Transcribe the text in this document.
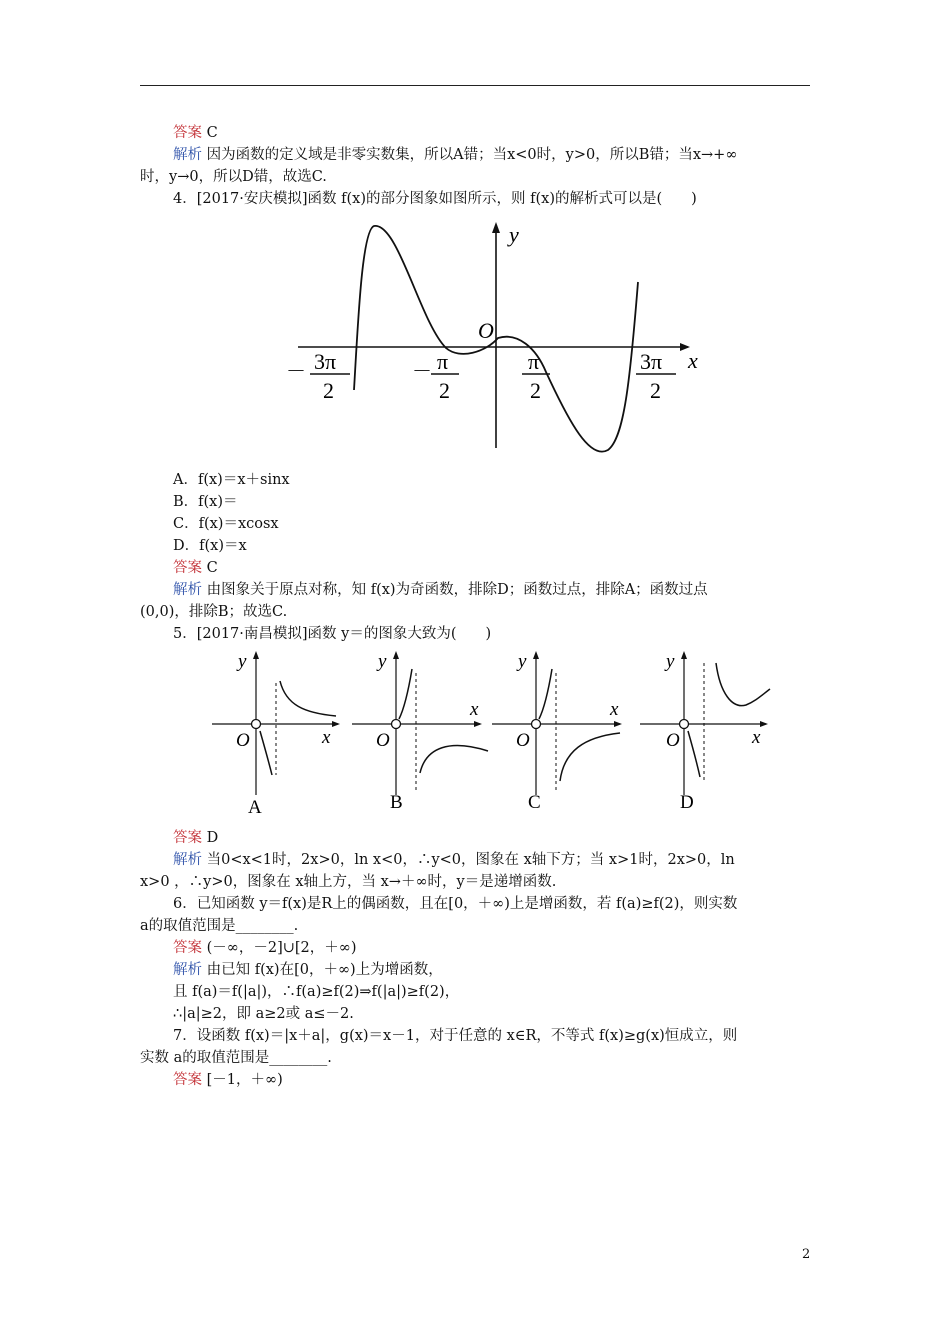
答案 C
解析 因为函数的定义域是非零实数集，所以A错；当x<0时，y>0，所以B错；当x→+∞
时，y→0，所以D错，故选C.
4．[2017·安庆模拟]函数 f(x)的部分图象如图所示，则 f(x)的解析式可以是(　　)
A．f(x)＝x＋sinx
B．f(x)＝
C．f(x)＝xcosx
D．f(x)＝x
答案 C
解析 由图象关于原点对称，知 f(x)为奇函数，排除D；函数过点，排除A；函数过点
(0,0)，排除B；故选C.
5．[2017·南昌模拟]函数 y＝的图象大致为(　　)
答案 D
解析 当0<x<1时，2x>0，ln x<0，∴y<0，图象在 x轴下方；当 x>1时，2x>0，ln
x>0 ，∴y>0，图象在 x轴上方，当 x→＋∞时，y＝是递增函数.
6．已知函数 y＝f(x)是R上的偶函数，且在[0，＋∞)上是增函数，若 f(a)≥f(2)，则实数
a的取值范围是________.
答案 (－∞，－2]∪[2，＋∞)
解析 由已知 f(x)在[0，＋∞)上为增函数，
且 f(a)＝f(|a|)，∴f(a)≥f(2)⇒f(|a|)≥f(2)，
∴|a|≥2，即 a≥2或 a≤－2.
7．设函数 f(x)＝|x＋a|，g(x)＝x－1，对于任意的 x∈R，不等式 f(x)≥g(x)恒成立，则
实数 a的取值范围是________.
答案 [－1，＋∞)
y
x
O
－ 3π
2
－ π
2
π
2
3π
2
y
x
O
A
y
x
O
B
y
x
O
C
y
x
O
D
2
